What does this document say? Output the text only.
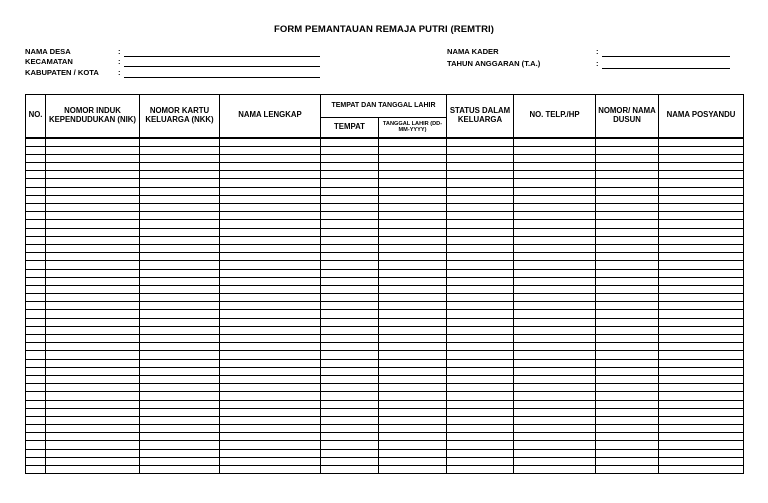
FORM PEMANTAUAN REMAJA PUTRI (REMTRI)
NAMA DESA	:
KECAMATAN	:
KABUPATEN / KOTA	:
NAMA KADER	:
TAHUN ANGGARAN (T.A.)	:
NO.	NOMOR INDUK KEPENDUDUKAN (NIK)	NOMOR KARTU KELUARGA (NKK)	NAMA LENGKAP	TEMPAT DAN TANGGAL LAHIR		STATUS DALAM KELUARGA	NO. TELP./HP	NOMOR/ NAMA DUSUN	NAMA POSYANDU
				TEMPAT	TANGGAL LAHIR (DD-MM-YYYY)				
